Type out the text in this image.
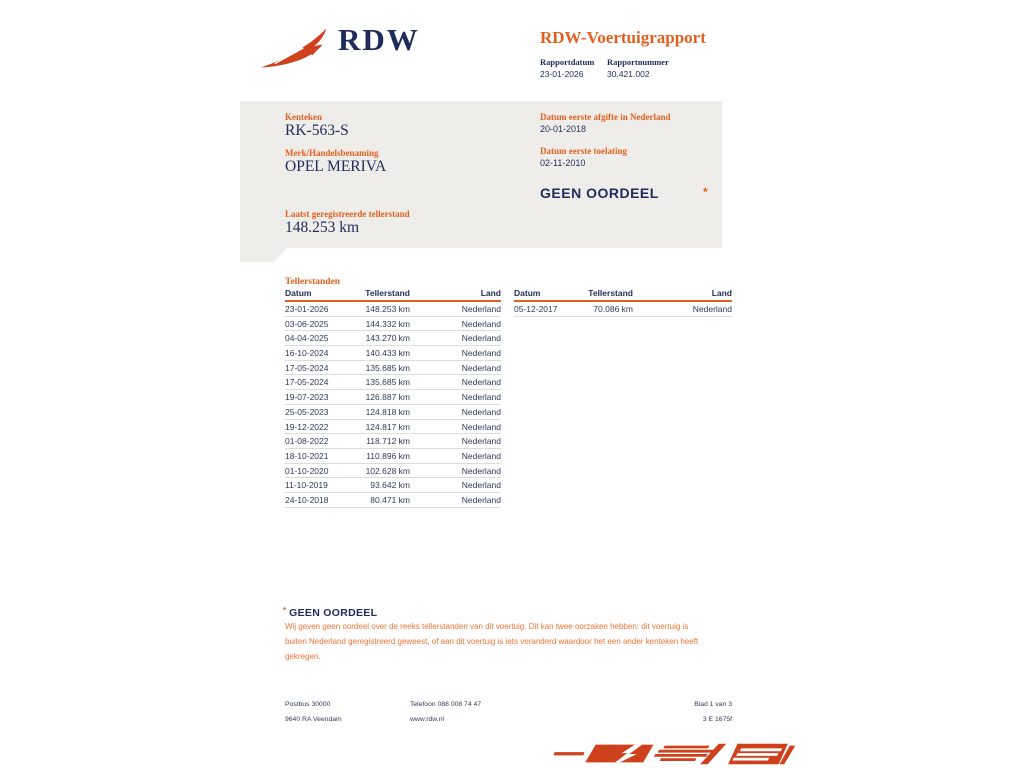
RDW	RDW-Voertuigrapport
Rapportdatum Rapportnummer
23-01-2026	30.421.002
Kenteken
RK-563-S
Merk/Handelsbenaming
OPEL MERIVA
Laatst geregistreerde tellerstand
148.253 km
Datum eerste afgifte in Nederland
20-01-2018
Datum eerste toelating
02-11-2010
GEEN OORDEEL	*
Tellerstanden
Datum	Tellerstand	Land
23-01-2026	148.253 km	Nederland
03-06-2025	144.332 km	Nederland
04-04-2025	143.270 km	Nederland
16-10-2024	140.433 km	Nederland
17-05-2024	135.685 km	Nederland
17-05-2024	135.685 km	Nederland
19-07-2023	126.887 km	Nederland
25-05-2023	124.818 km	Nederland
19-12-2022	124.817 km	Nederland
01-08-2022	118.712 km	Nederland
18-10-2021	110.896 km	Nederland
01-10-2020	102.628 km	Nederland
11-10-2019	93.642 km	Nederland
24-10-2018	80.471 km	Nederland
Datum	Tellerstand	Land
05-12-2017	70.086 km	Nederland
* GEEN OORDEEL
Wij geven geen oordeel over de reeks tellerstanden van dit voertuig. Dit kan twee oorzaken hebben: dit voertuig is buiten Nederland geregistreerd geweest, of aan dit voertuig is iets veranderd waardoor het een ander kenteken heeft gekregen.
Postbus 30000
9640 RA Veendam
Telefoon 088 008 74 47
www.rdw.nl
Blad 1 van 3
3 E 1675f
